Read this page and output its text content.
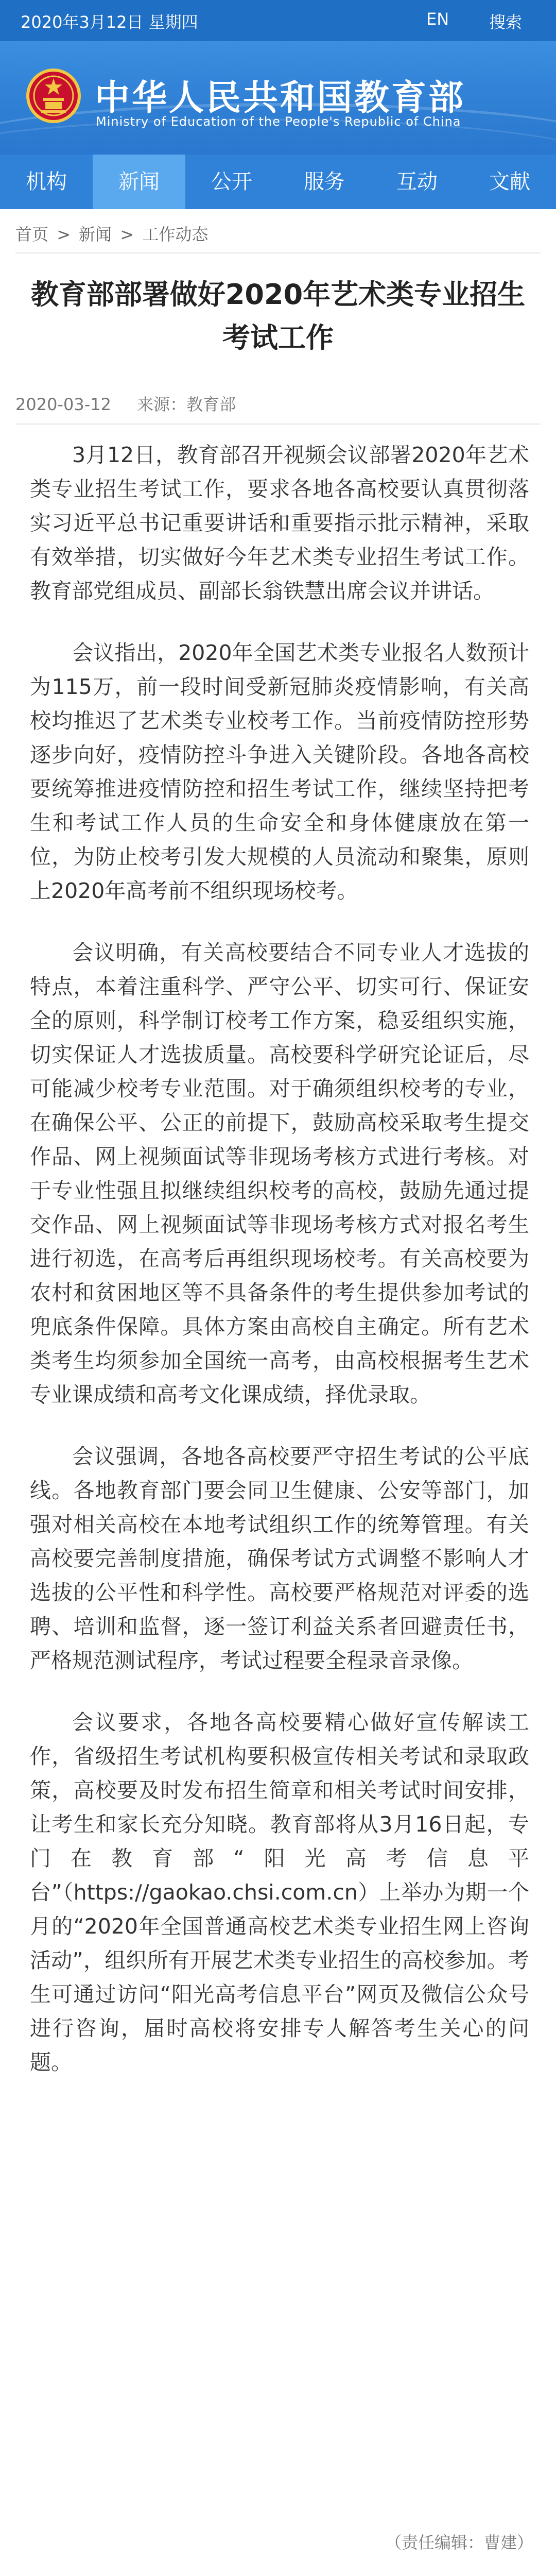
2020年3月12日 星期四	EN 搜索
中华人民共和国教育部
Ministry of Education of the People's Republic of China
机构	新闻	公开	服务	互动	文献
首页 > 新闻 > 工作动态
教育部部署做好2020年艺术类专业招生考试工作
2020-03-12 来源：教育部

3月12日，教育部召开视频会议部署2020年艺术类专业招生考试工作，要求各地各高校要认真贯彻落实习近平总书记重要讲话和重要指示批示精神，采取有效举措，切实做好今年艺术类专业招生考试工作。教育部党组成员、副部长翁铁慧出席会议并讲话。

会议指出，2020年全国艺术类专业报名人数预计为115万，前一段时间受新冠肺炎疫情影响，有关高校均推迟了艺术类专业校考工作。当前疫情防控形势逐步向好，疫情防控斗争进入关键阶段。各地各高校要统筹推进疫情防控和招生考试工作，继续坚持把考生和考试工作人员的生命安全和身体健康放在第一位，为防止校考引发大规模的人员流动和聚集，原则上2020年高考前不组织现场校考。

会议明确，有关高校要结合不同专业人才选拔的特点，本着注重科学、严守公平、切实可行、保证安全的原则，科学制订校考工作方案，稳妥组织实施，切实保证人才选拔质量。高校要科学研究论证后，尽可能减少校考专业范围。对于确须组织校考的专业，在确保公平、公正的前提下，鼓励高校采取考生提交作品、网上视频面试等非现场考核方式进行考核。对于专业性强且拟继续组织校考的高校，鼓励先通过提交作品、网上视频面试等非现场考核方式对报名考生进行初选，在高考后再组织现场校考。有关高校要为农村和贫困地区等不具备条件的考生提供参加考试的兜底条件保障。具体方案由高校自主确定。所有艺术类考生均须参加全国统一高考，由高校根据考生艺术专业课成绩和高考文化课成绩，择优录取。

会议强调，各地各高校要严守招生考试的公平底线。各地教育部门要会同卫生健康、公安等部门，加强对相关高校在本地考试组织工作的统筹管理。有关高校要完善制度措施，确保考试方式调整不影响人才选拔的公平性和科学性。高校要严格规范对评委的选聘、培训和监督，逐一签订利益关系者回避责任书，严格规范测试程序，考试过程要全程录音录像。

会议要求，各地各高校要精心做好宣传解读工作，省级招生考试机构要积极宣传相关考试和录取政策，高校要及时发布招生简章和相关考试时间安排，让考生和家长充分知晓。教育部将从3月16日起，专门在教育部“阳光高考信息平台”（https://gaokao.chsi.com.cn）上举办为期一个月的“2020年全国普通高校艺术类专业招生网上咨询活动”，组织所有开展艺术类专业招生的高校参加。考生可通过访问“阳光高考信息平台”网页及微信公众号进行咨询，届时高校将安排专人解答考生关心的问题。

（责任编辑：曹建）
